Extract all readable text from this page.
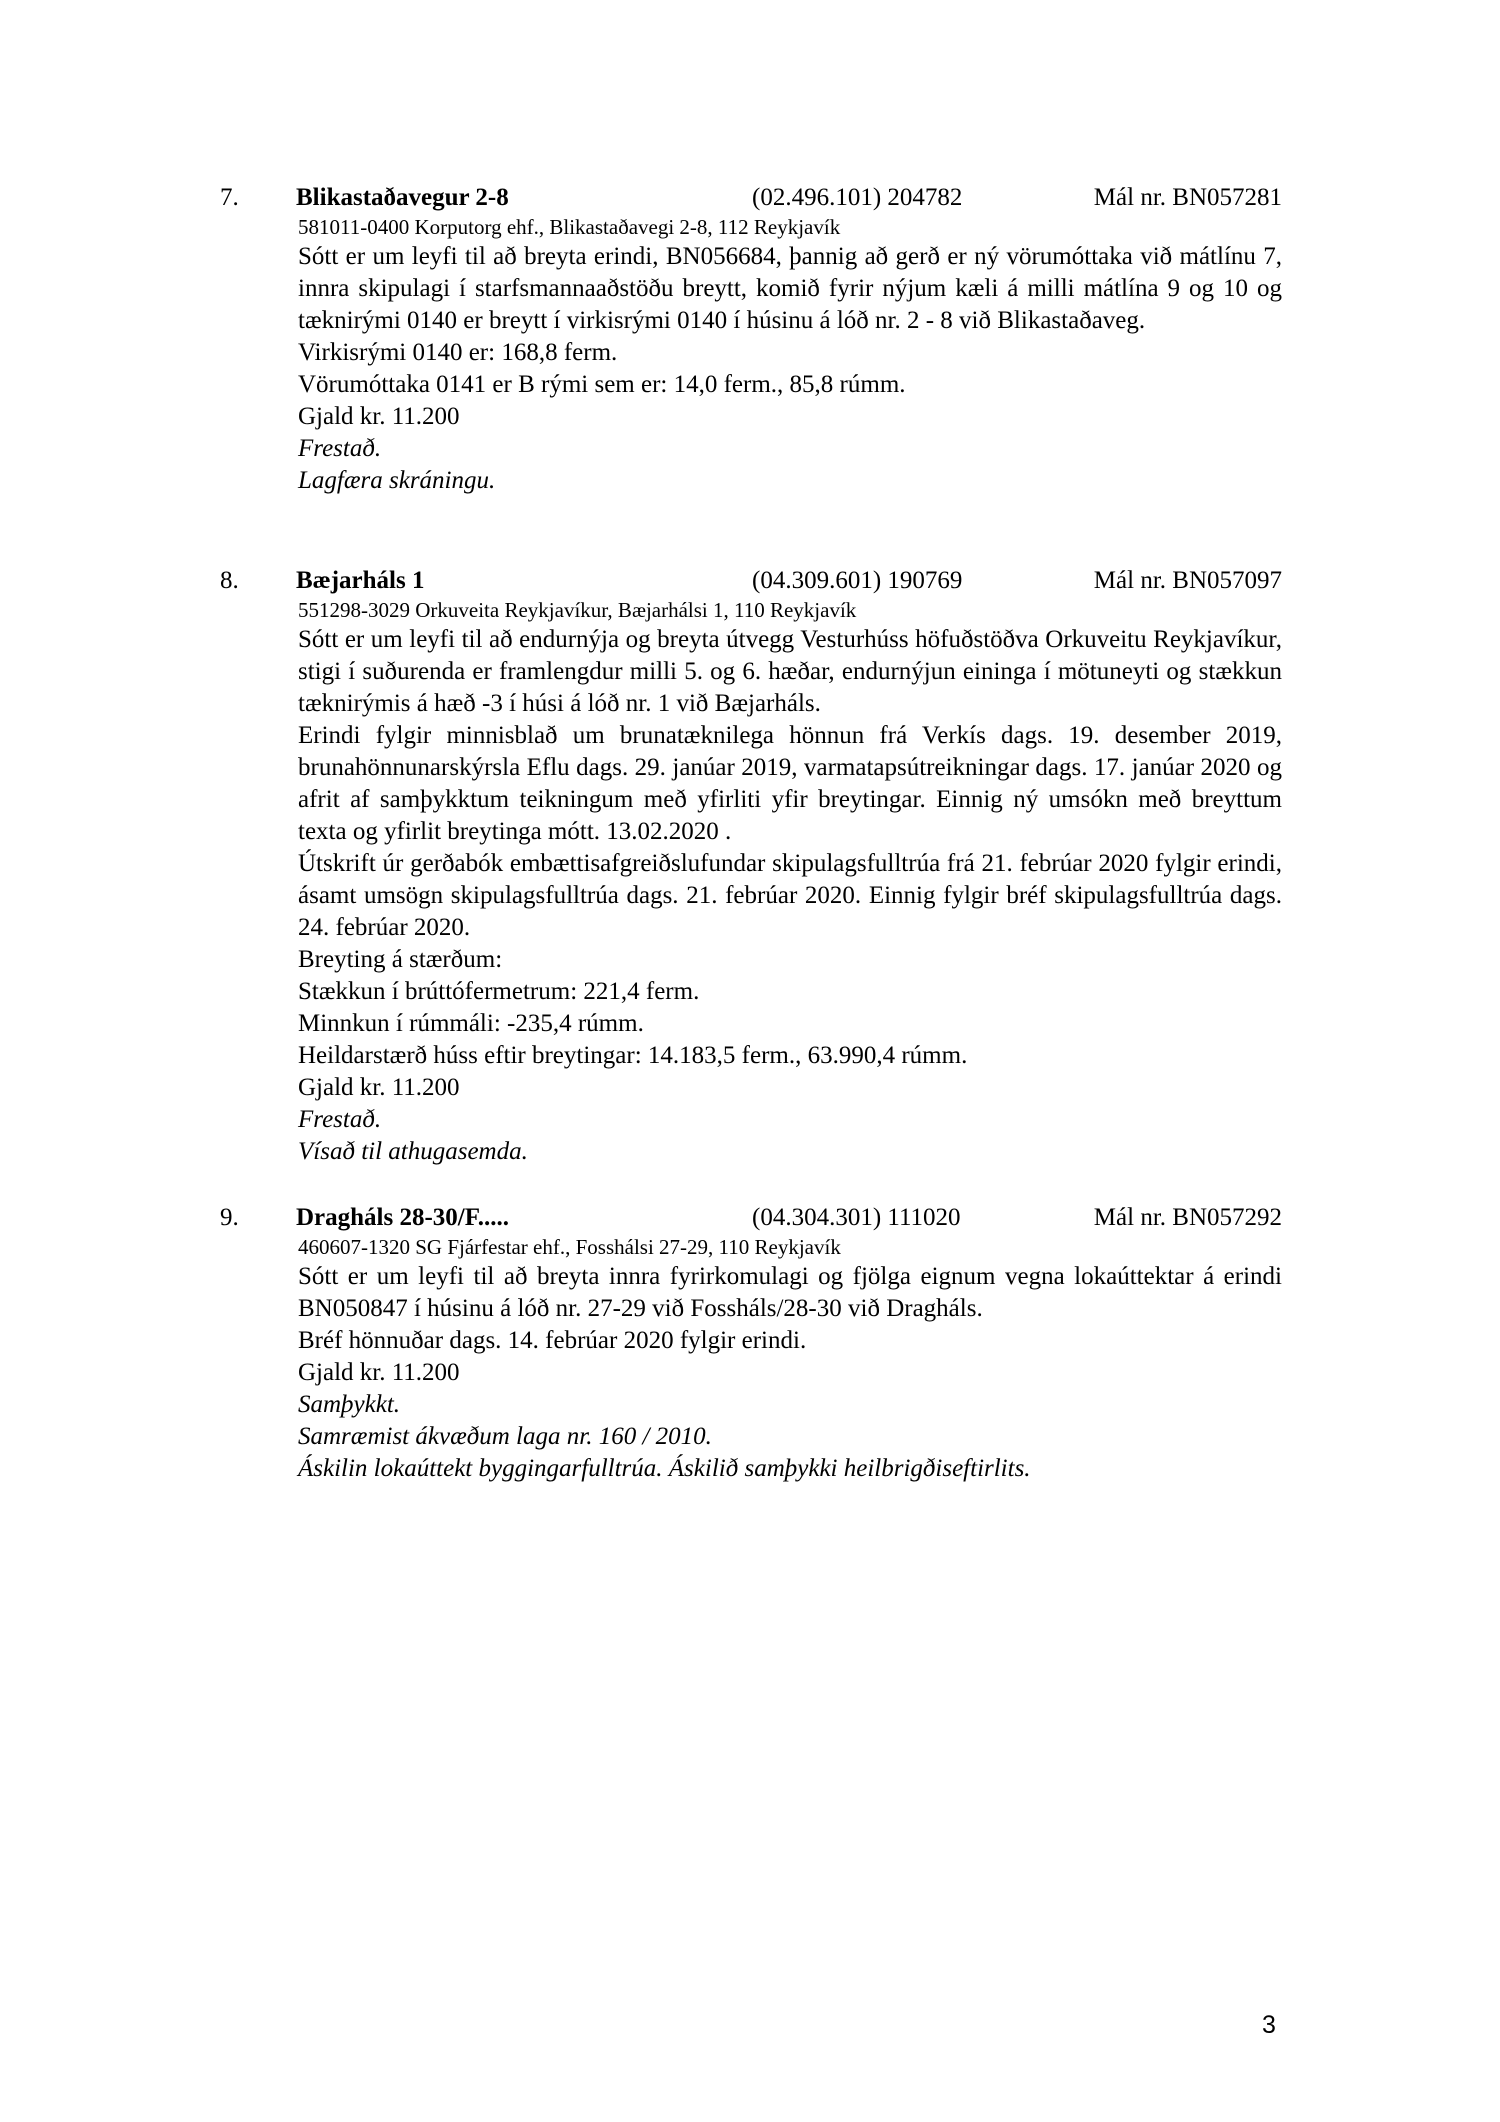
7. Blikastaðavegur 2-8	(02.496.101) 204782	Mál nr. BN057281
581011-0400 Korputorg ehf., Blikastaðavegi 2-8, 112 Reykjavík
Sótt er um leyfi til að breyta erindi, BN056684, þannig að gerð er ný vörumóttaka við mátlínu 7, innra skipulagi í starfsmannaaðstöðu breytt, komið fyrir nýjum kæli á milli mátlína 9 og 10 og tæknirými 0140 er breytt í virkisrými 0140 í húsinu á lóð nr. 2 - 8 við Blikastaðaveg.
Virkisrými 0140 er: 168,8 ferm.
Vörumóttaka 0141 er B rými sem er: 14,0 ferm., 85,8 rúmm.
Gjald kr. 11.200
Frestað.
Lagfæra skráningu.
8. Bæjarháls 1	(04.309.601) 190769	Mál nr. BN057097
551298-3029 Orkuveita Reykjavíkur, Bæjarhálsi 1, 110 Reykjavík
Sótt er um leyfi til að endurnýja og breyta útvegg Vesturhúss höfuðstöðva Orkuveitu Reykjavíkur, stigi í suðurenda er framlengdur milli 5. og 6. hæðar, endurnýjun eininga í mötuneyti og stækkun tæknirýmis á hæð -3 í húsi á lóð nr. 1 við Bæjarháls.
Erindi fylgir minnisblað um brunatæknilega hönnun frá Verkís dags. 19. desember 2019, brunahönnunarskýrsla Eflu dags. 29. janúar 2019, varmatapsútreikningar dags. 17. janúar 2020 og afrit af samþykktum teikningum með yfirliti yfir breytingar. Einnig ný umsókn með breyttum texta og yfirlit breytinga mótt. 13.02.2020 .
Útskrift úr gerðabók embættisafgreiðslufundar skipulagsfulltrúa frá 21. febrúar 2020 fylgir erindi, ásamt umsögn skipulagsfulltrúa dags. 21. febrúar 2020. Einnig fylgir bréf skipulagsfulltrúa dags. 24. febrúar 2020.
Breyting á stærðum:
Stækkun í brúttófermetrum: 221,4 ferm.
Minnkun í rúmmáli: -235,4 rúmm.
Heildarstærð húss eftir breytingar: 14.183,5 ferm., 63.990,4 rúmm.
Gjald kr. 11.200
Frestað.
Vísað til athugasemda.
9. Dragháls 28-30/F.....	(04.304.301) 111020	Mál nr. BN057292
460607-1320 SG Fjárfestar ehf., Fosshálsi 27-29, 110 Reykjavík
Sótt er um leyfi til að breyta innra fyrirkomulagi og fjölga eignum vegna lokaúttektar á erindi BN050847 í húsinu á lóð nr. 27-29 við Fossháls/28-30 við Dragháls.
Bréf hönnuðar dags. 14. febrúar 2020 fylgir erindi.
Gjald kr. 11.200
Samþykkt.
Samræmist ákvæðum laga nr. 160 / 2010.
Áskilin lokaúttekt byggingarfulltrúa. Áskilið samþykki heilbrigðiseftirlits.
3
